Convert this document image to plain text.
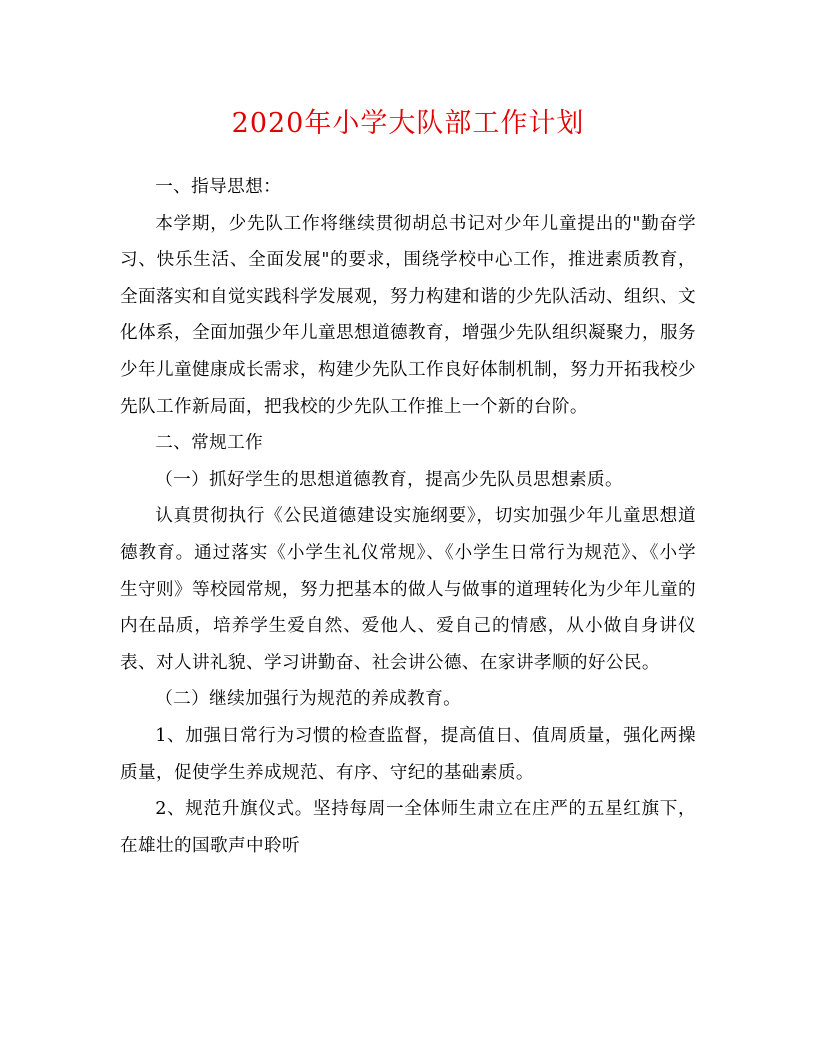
2020年小学大队部工作计划

一、指导思想：

本学期，少先队工作将继续贯彻胡总书记对少年儿童提出的"勤奋学习、快乐生活、全面发展"的要求，围绕学校中心工作，推进素质教育，全面落实和自觉实践科学发展观，努力构建和谐的少先队活动、组织、文化体系，全面加强少年儿童思想道德教育，增强少先队组织凝聚力，服务少年儿童健康成长需求，构建少先队工作良好体制机制，努力开拓我校少先队工作新局面，把我校的少先队工作推上一个新的台阶。

二、常规工作

（一）抓好学生的思想道德教育，提高少先队员思想素质。

认真贯彻执行《公民道德建设实施纲要》，切实加强少年儿童思想道德教育。通过落实《小学生礼仪常规》、《小学生日常行为规范》、《小学生守则》等校园常规，努力把基本的做人与做事的道理转化为少年儿童的内在品质，培养学生爱自然、爱他人、爱自己的情感，从小做自身讲仪表、对人讲礼貌、学习讲勤奋、社会讲公德、在家讲孝顺的好公民。

（二）继续加强行为规范的养成教育。

1、加强日常行为习惯的检查监督，提高值日、值周质量，强化两操质量，促使学生养成规范、有序、守纪的基础素质。

2、规范升旗仪式。坚持每周一全体师生肃立在庄严的五星红旗下，在雄壮的国歌声中聆听
